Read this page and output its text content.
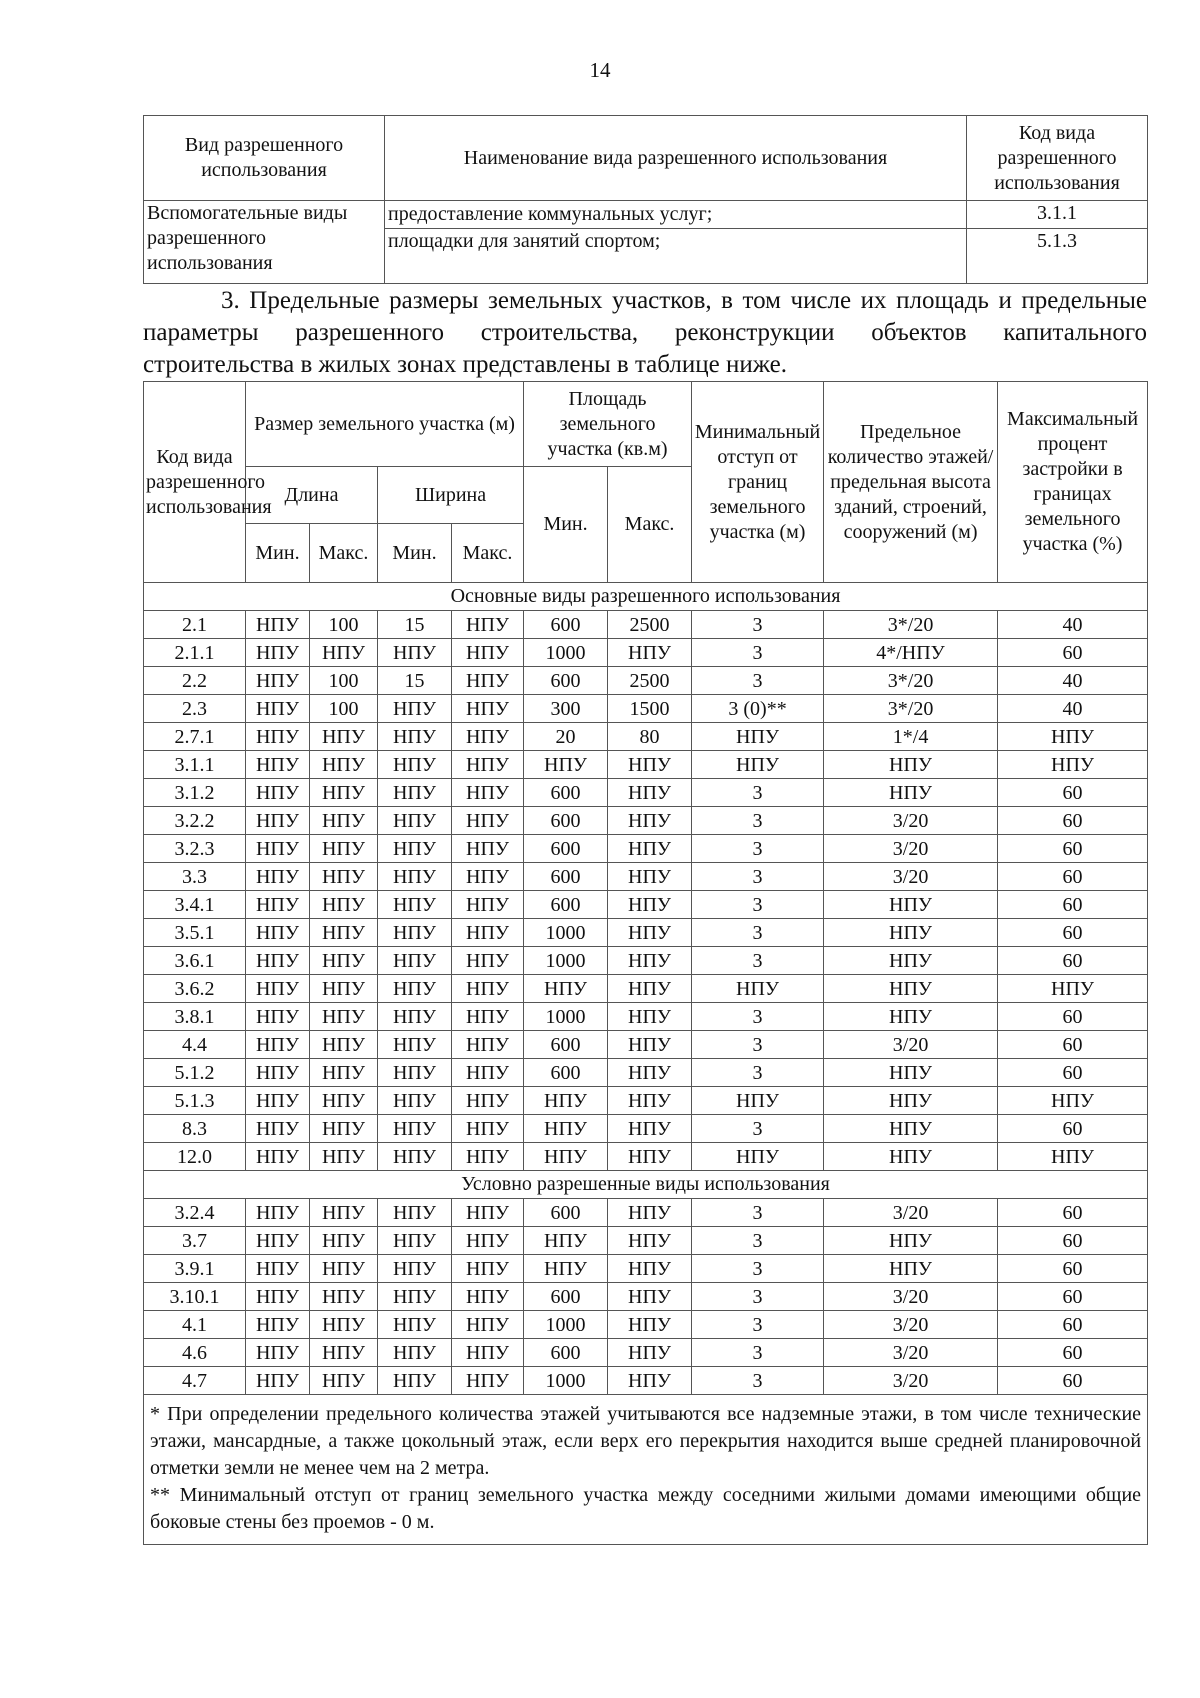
14
Вид разрешенного использования	Наименование вида разрешенного использования	Код вида разрешенного использования
Вспомогательные виды разрешенного использования	предоставление коммунальных услуг;	3.1.1
	площадки для занятий спортом;	5.1.3
3. Предельные размеры земельных участков, в том числе их площадь и предельные параметры разрешенного строительства, реконструкции объектов капитального строительства в жилых зонах представлены в таблице ниже.
Код вида разрешенного использования	Размер земельного участка (м)				Площадь земельного участка (кв.м)		Минимальный отступ от границ земельного участка (м)	Предельное количество этажей/ предельная высота зданий, строений, сооружений (м)	Максимальный процент застройки в границах земельного участка (%)
	Длина		Ширина		Мин.	Макс.			
	Мин.	Макс.	Мин.	Макс.					
Основные виды разрешенного использования									
2.1	НПУ	100	15	НПУ	600	2500	3	3*/20	40
2.1.1	НПУ	НПУ	НПУ	НПУ	1000	НПУ	3	4*/НПУ	60
2.2	НПУ	100	15	НПУ	600	2500	3	3*/20	40
2.3	НПУ	100	НПУ	НПУ	300	1500	3 (0)**	3*/20	40
2.7.1	НПУ	НПУ	НПУ	НПУ	20	80	НПУ	1*/4	НПУ
3.1.1	НПУ	НПУ	НПУ	НПУ	НПУ	НПУ	НПУ	НПУ	НПУ
3.1.2	НПУ	НПУ	НПУ	НПУ	600	НПУ	3	НПУ	60
3.2.2	НПУ	НПУ	НПУ	НПУ	600	НПУ	3	3/20	60
3.2.3	НПУ	НПУ	НПУ	НПУ	600	НПУ	3	3/20	60
3.3	НПУ	НПУ	НПУ	НПУ	600	НПУ	3	3/20	60
3.4.1	НПУ	НПУ	НПУ	НПУ	600	НПУ	3	НПУ	60
3.5.1	НПУ	НПУ	НПУ	НПУ	1000	НПУ	3	НПУ	60
3.6.1	НПУ	НПУ	НПУ	НПУ	1000	НПУ	3	НПУ	60
3.6.2	НПУ	НПУ	НПУ	НПУ	НПУ	НПУ	НПУ	НПУ	НПУ
3.8.1	НПУ	НПУ	НПУ	НПУ	1000	НПУ	3	НПУ	60
4.4	НПУ	НПУ	НПУ	НПУ	600	НПУ	3	3/20	60
5.1.2	НПУ	НПУ	НПУ	НПУ	600	НПУ	3	НПУ	60
5.1.3	НПУ	НПУ	НПУ	НПУ	НПУ	НПУ	НПУ	НПУ	НПУ
8.3	НПУ	НПУ	НПУ	НПУ	НПУ	НПУ	3	НПУ	60
12.0	НПУ	НПУ	НПУ	НПУ	НПУ	НПУ	НПУ	НПУ	НПУ
Условно разрешенные виды использования									
3.2.4	НПУ	НПУ	НПУ	НПУ	600	НПУ	3	3/20	60
3.7	НПУ	НПУ	НПУ	НПУ	НПУ	НПУ	3	НПУ	60
3.9.1	НПУ	НПУ	НПУ	НПУ	НПУ	НПУ	3	НПУ	60
3.10.1	НПУ	НПУ	НПУ	НПУ	600	НПУ	3	3/20	60
4.1	НПУ	НПУ	НПУ	НПУ	1000	НПУ	3	3/20	60
4.6	НПУ	НПУ	НПУ	НПУ	600	НПУ	3	3/20	60
4.7	НПУ	НПУ	НПУ	НПУ	1000	НПУ	3	3/20	60

* При определении предельного количества этажей учитываются все надземные этажи, в том числе технические этажи, мансардные, а также цокольный этаж, если верх его перекрытия находится выше средней планировочной отметки земли не менее чем на 2 метра.
** Минимальный отступ от границ земельного участка между соседними жилыми домами имеющими общие боковые стены без проемов - 0 м.									
